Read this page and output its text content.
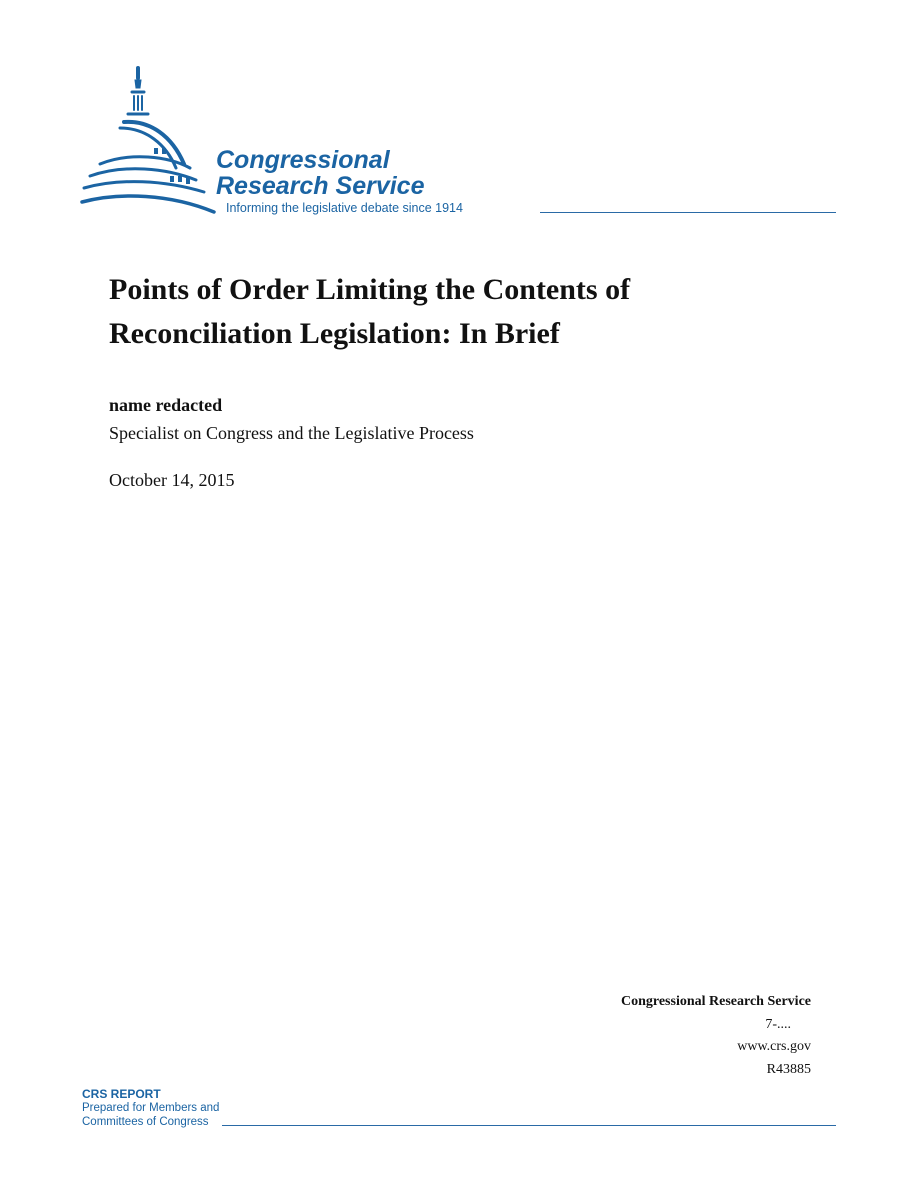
Congressional
Research Service
Informing the legislative debate since 1914
Points of Order Limiting the Contents of
Reconciliation Legislation: In Brief
name redacted
Specialist on Congress and the Legislative Process
October 14, 2015
Congressional Research Service
7-....
www.crs.gov
R43885
CRS REPORT
Prepared for Members and
Committees of Congress
